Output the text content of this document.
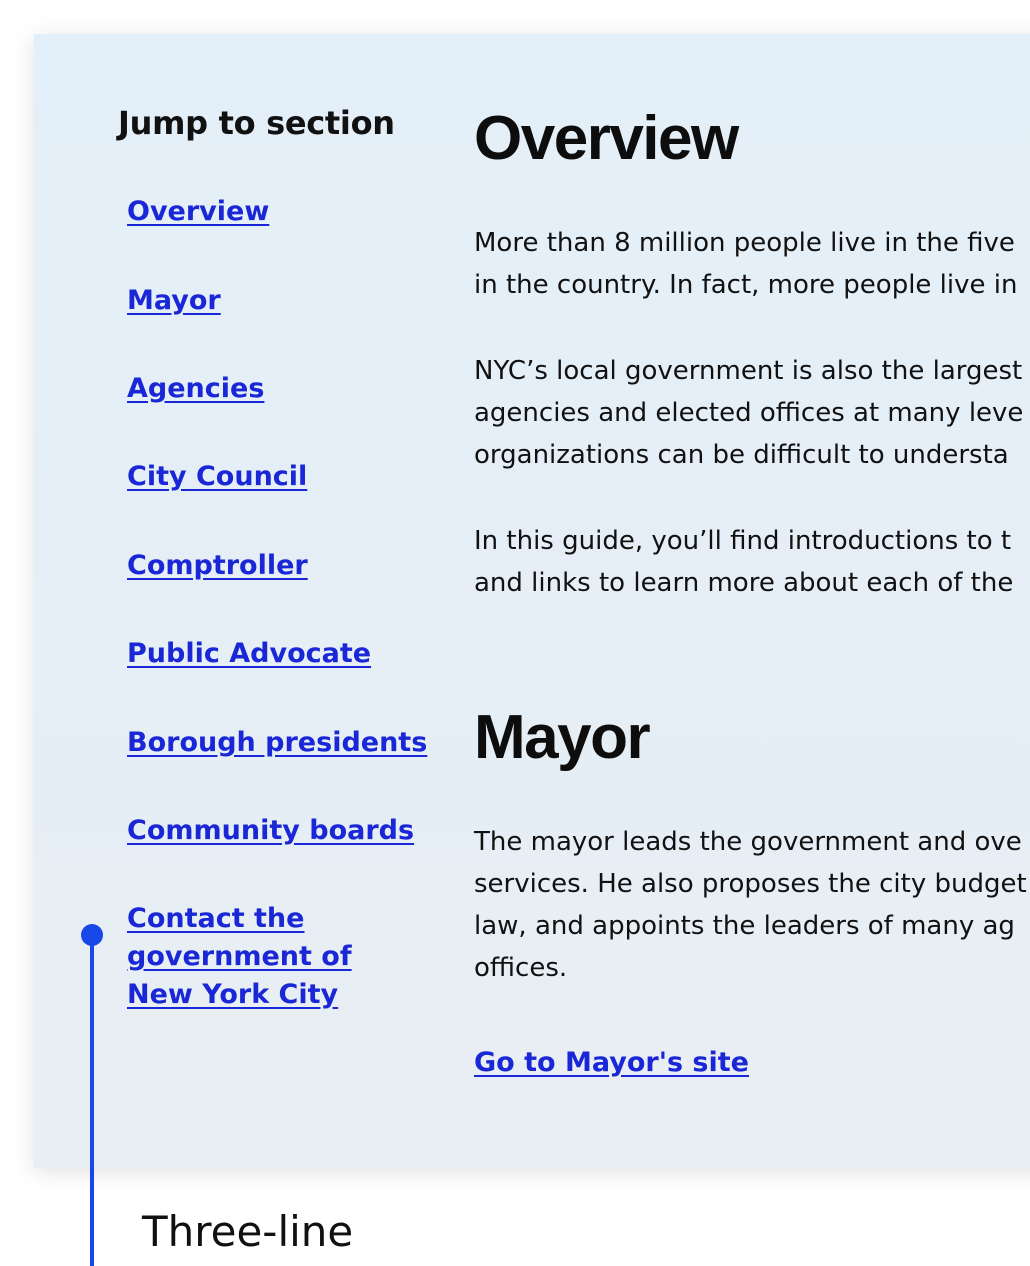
Jump to section
Overview
Mayor
Agencies
City Council
Comptroller
Public Advocate
Borough presidents
Community boards
Contact the government of New York City
Overview

More than 8 million people live in the five

in the country. In fact, more people live in

NYC’s local government is also the largest

agencies and elected offices at many leve

organizations can be difficult to understa

In this guide, you’ll find introductions to t

and links to learn more about each of the

Mayor

The mayor leads the government and ove

services. He also proposes the city budget

law, and appoints the leaders of many ag

offices.

Go to Mayor's site
Three-line
